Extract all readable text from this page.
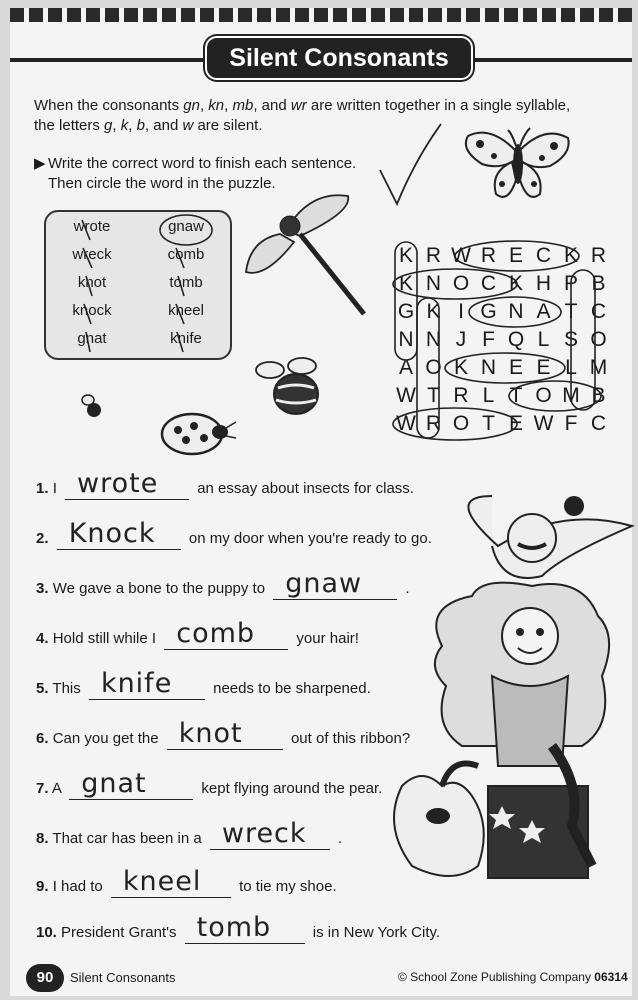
Silent Consonants
When the consonants gn, kn, mb, and wr are written together in a single syllable,
the letters g, k, b, and w are silent.
▶ Write the correct word to finish each sentence.
Then circle the word in the puzzle.
wrote
wreck
knot
knock
gnat
gnaw
comb
tomb
kneel
knife
K R W R E C K R
K N O C K H P B
G K I G N A T C
N N J F Q L S O
A O K N E E L M
W T R L T O M B
W R O T E W F C
1. I wrote	an essay about insects for class.
2. Knock on my door when you're ready to go.
3. We gave a bone to the puppy to gnaw	.
4. Hold still while I comb	your hair!
5. This knife	needs to be sharpened.
6. Can you get the knot	out of this ribbon?
7. A gnat	kept flying around the pear.
8. That car has been in a wreck .
9. I had to kneel	to tie my shoe.
10. President Grant's tomb	is in New York City.
90	Silent Consonants	© School Zone Publishing Company 06314
